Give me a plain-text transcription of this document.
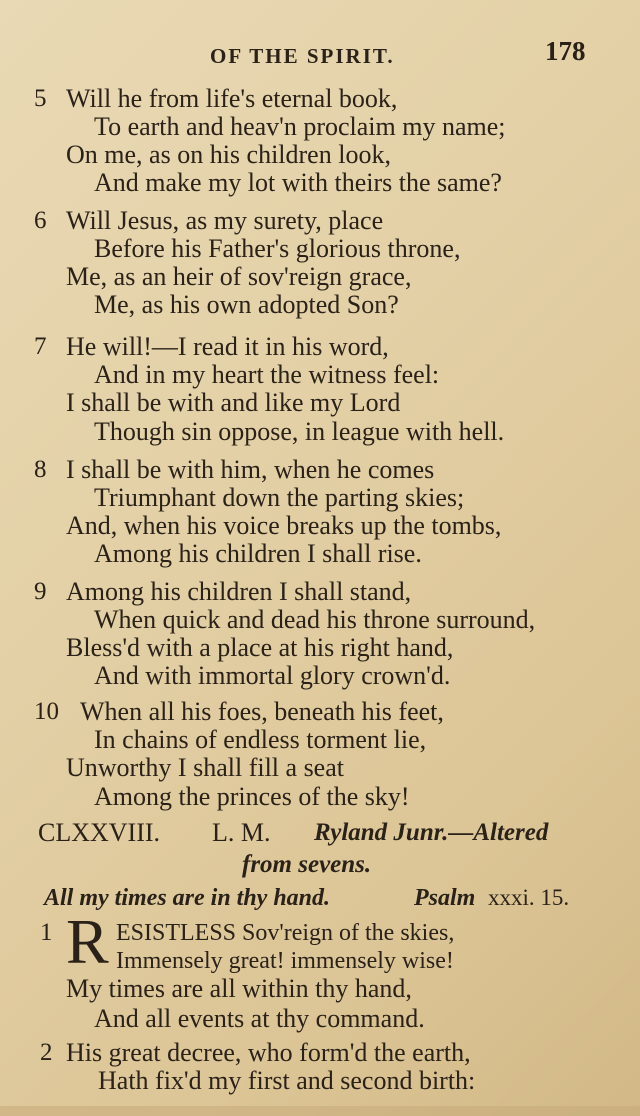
OF THE SPIRIT.	178
5 Will he from life's eternal book,
To earth and heav'n proclaim my name;
On me, as on his children look,
And make my lot with theirs the same?
6 Will Jesus, as my surety, place
Before his Father's glorious throne,
Me, as an heir of sov'reign grace,
Me, as his own adopted Son?
7 He will!—I read it in his word,
And in my heart the witness feel:
I shall be with and like my Lord
Though sin oppose, in league with hell.
8 I shall be with him, when he comes
Triumphant down the parting skies;
And, when his voice breaks up the tombs,
Among his children I shall rise.
9 Among his children I shall stand,
When quick and dead his throne surround,
Bless'd with a place at his right hand,
And with immortal glory crown'd.
10 When all his foes, beneath his feet,
In chains of endless torment lie,
Unworthy I shall fill a seat
Among the princes of the sky!
CLXXVIII. L. M. Ryland Junr.—Altered
from sevens.
All my times are in thy hand.	Psalm xxxi. 15.
1 R ESISTLESS Sov'reign of the skies,
Immensely great! immensely wise!
My times are all within thy hand,
And all events at thy command.
2 His great decree, who form'd the earth,
Hath fix'd my first and second birth:
